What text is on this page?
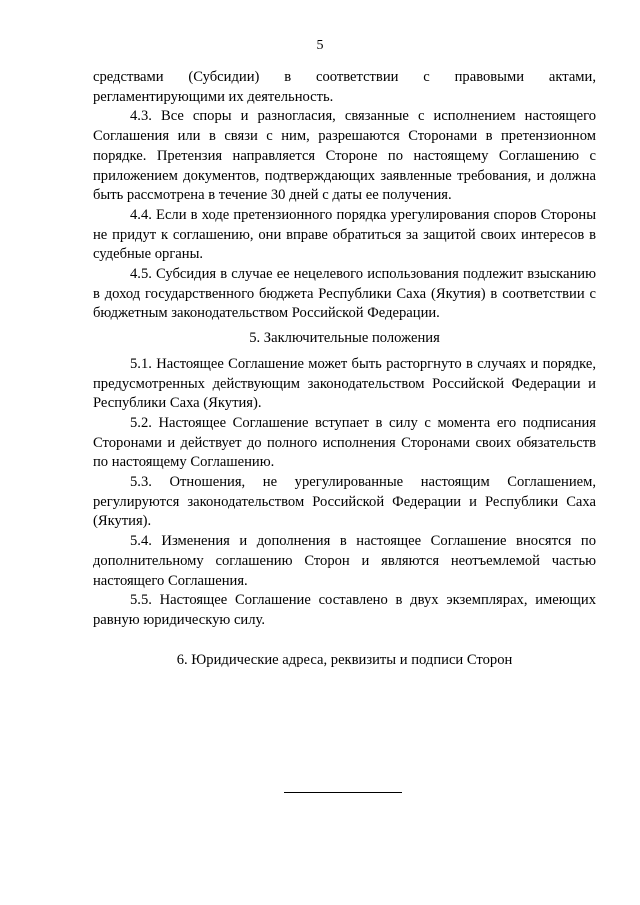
5

средствами (Субсидии) в соответствии с правовыми актами, регламентирующими их деятельность.

4.3. Все споры и разногласия, связанные с исполнением настоящего Соглашения или в связи с ним, разрешаются Сторонами в претензионном порядке. Претензия направляется Стороне по настоящему Соглашению с приложением документов, подтверждающих заявленные требования, и должна быть рассмотрена в течение 30 дней с даты ее получения.

4.4. Если в ходе претензионного порядка урегулирования споров Стороны не придут к соглашению, они вправе обратиться за защитой своих интересов в судебные органы.

4.5. Субсидия в случае ее нецелевого использования подлежит взысканию в доход государственного бюджета Республики Саха (Якутия) в соответствии с бюджетным законодательством Российской Федерации.

5. Заключительные положения

5.1. Настоящее Соглашение может быть расторгнуто в случаях и порядке, предусмотренных действующим законодательством Российской Федерации и Республики Саха (Якутия).

5.2. Настоящее Соглашение вступает в силу с момента его подписания Сторонами и действует до полного исполнения Сторонами своих обязательств по настоящему Соглашению.

5.3. Отношения, не урегулированные настоящим Соглашением, регулируются законодательством Российской Федерации и Республики Саха (Якутия).

5.4. Изменения и дополнения в настоящее Соглашение вносятся по дополнительному соглашению Сторон и являются неотъемлемой частью настоящего Соглашения.

5.5. Настоящее Соглашение составлено в двух экземплярах, имеющих равную юридическую силу.

6. Юридические адреса, реквизиты и подписи Сторон
